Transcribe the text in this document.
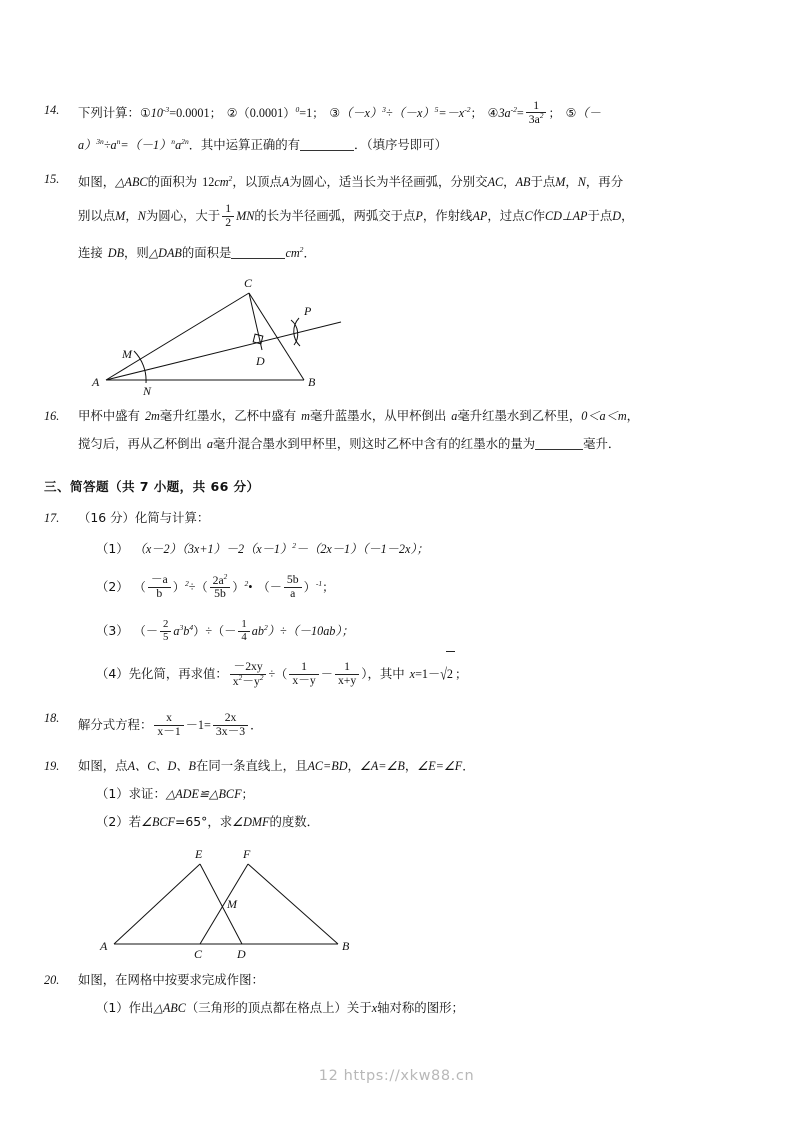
14.	下列计算：$①10^{-3}=0.0001$； $②(0.0001)^0=1$； $③(-x)^3\div(-x)^5=-x^{-2}$； $④3a^{-2}= \frac{1}{3a^2}$ ； ⑤（－
$a)^{3n}\div a^n=(-1)^na^{2n}$．其中运算正确的有	．（填序号即可）
15.	如图，△ABC的面积为 $12cm^2$，以顶点A为圆心，适当长为半径画弧，分别交AC，AB于点M，N，再分
别以点M，N为圆心，大于 $\frac{1}{2}$ MN的长为半径画弧，两弧交于点P，作射线AP，过点C作CD⊥AP于点D，
连接 DB，则△DAB的面积是	$cm^2$．
C
P
M	D
A
N
B
16.	甲杯中盛有 2m毫升红墨水，乙杯中盛有 m毫升蓝墨水，从甲杯倒出 a毫升红墨水到乙杯里，0＜a＜m，
搅匀后，再从乙杯倒出 a毫升混合墨水到甲杯里，则这时乙杯中含有的红墨水的量为	毫升．
三、简答题（共 7 小题，共 66 分）
17.	（16 分）化简与计算：
（1） $(x-2)(3x+1)-2(x-1)^2-(2x-1)(-1-2x)$；
（2） （ $\frac{-a}{b} )^2\div( \frac{2a^2}{5b}$ ）$^2•$ （－ $\frac{5b}{a} )^{-1}$；
（3） （－ $\frac{2}{5} a^3b^4)\div(- \frac{1}{4} ab^2)\div(-10ab)$；
（4）先化简，再求值： $\frac{-2xy}{x^2-y^2}$ ÷（ $\frac{1}{x-y} - \frac{1}{x+y}$ ），其中 x=1－√2 ；
18.	解分式方程： $\frac{x}{x-1} -1= \frac{2x}{3x-3}$ ．
19.	如图，点A、C、D、B在同一条直线上，且AC=BD，∠A=∠B，∠E=∠F．
（1）求证：△ADE≌△BCF；
（2）若∠BCF=65°，求∠DMF的度数．
E	F
M
A
C	D
B
20.	如图，在网格中按要求完成作图：
（1）作出△ABC（三角形的顶点都在格点上）关于x轴对称的图形；
12 https://xkw88.cn
